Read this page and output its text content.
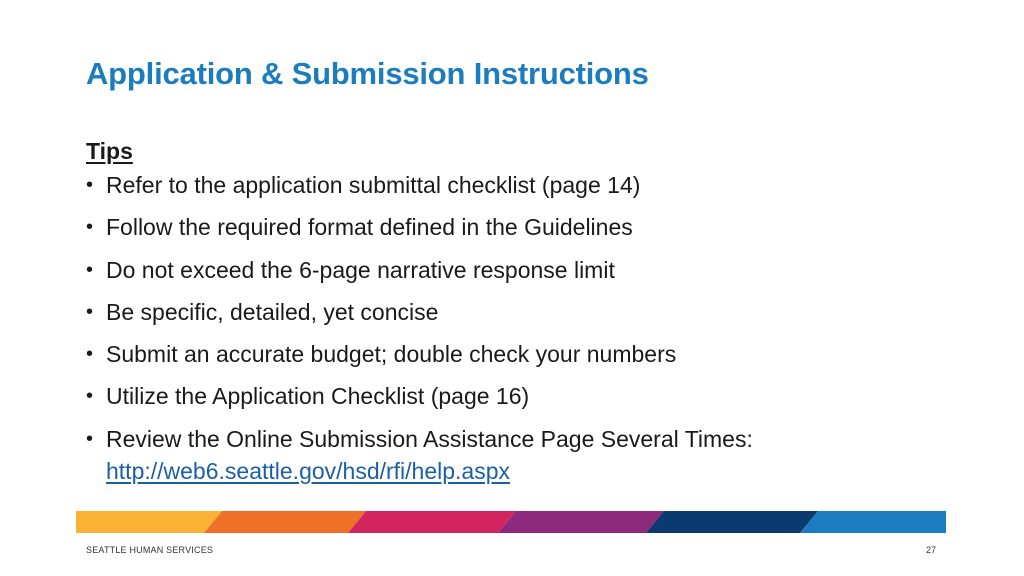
Application & Submission Instructions
Tips
• Refer to the application submittal checklist (page 14)
• Follow the required format defined in the Guidelines
• Do not exceed the 6-page narrative response limit
• Be specific, detailed, yet concise
• Submit an accurate budget; double check your numbers
• Utilize the Application Checklist (page 16)
• Review the Online Submission Assistance Page Several Times:
http://web6.seattle.gov/hsd/rfi/help.aspx
SEATTLE HUMAN SERVICES	27
